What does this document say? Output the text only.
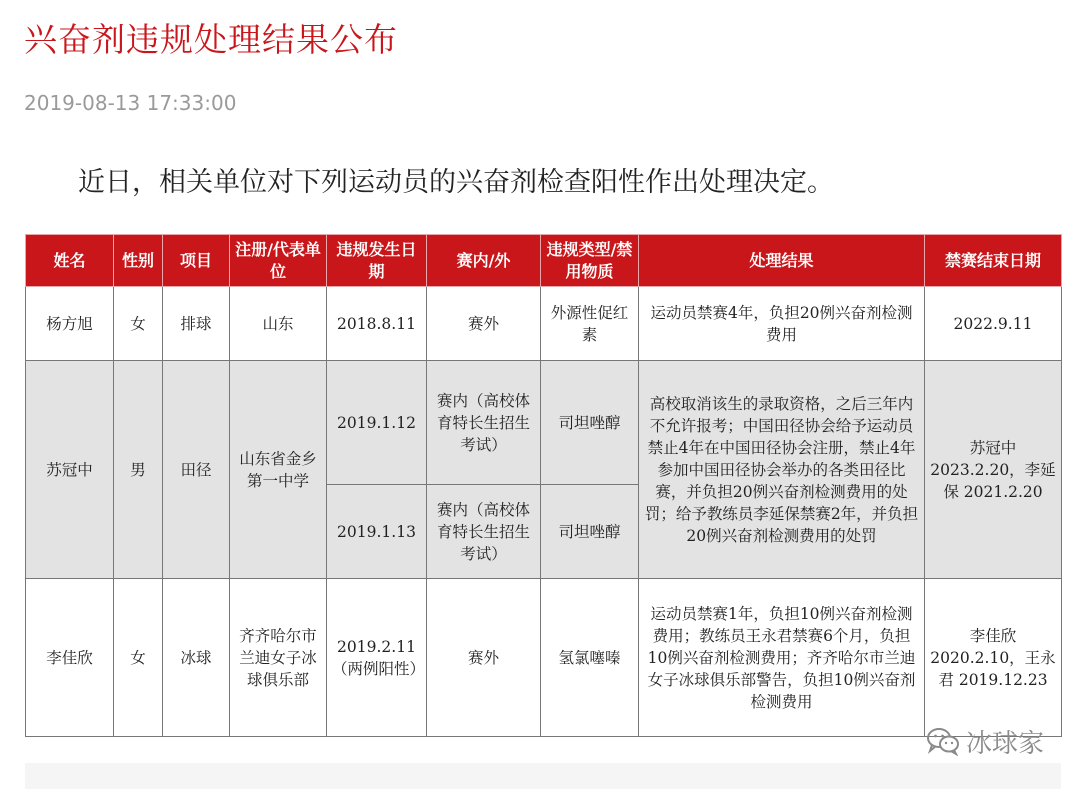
兴奋剂违规处理结果公布
2019-08-13 17:33:00
近日，相关单位对下列运动员的兴奋剂检查阳性作出处理决定。
姓名	性别	项目	注册/代表单位	违规发生日期	赛内/外	违规类型/禁用物质	处理结果	禁赛结束日期
杨方旭	女	排球	山东	2018.8.11	赛外	外源性促红素	运动员禁赛4年，负担20例兴奋剂检测费用	2022.9.11
苏冠中	男	田径	山东省金乡第一中学	2019.1.12	赛内（高校体育特长生招生考试）	司坦唑醇	高校取消该生的录取资格，之后三年内不允许报考；中国田径协会给予运动员禁止4年在中国田径协会注册，禁止4年参加中国田径协会举办的各类田径比赛，并负担20例兴奋剂检测费用的处罚；给予教练员李延保禁赛2年，并负担20例兴奋剂检测费用的处罚	苏冠中 2023.2.20，李延保 2021.2.20
				2019.1.13	赛内（高校体育特长生招生考试）	司坦唑醇		
李佳欣	女	冰球	齐齐哈尔市兰迪女子冰球俱乐部	2019.2.11（两例阳性）	赛外	氢氯噻嗪	运动员禁赛1年，负担10例兴奋剂检测费用；教练员王永君禁赛6个月，负担10例兴奋剂检测费用；齐齐哈尔市兰迪女子冰球俱乐部警告，负担10例兴奋剂检测费用	李佳欣 2020.2.10，王永君 2019.12.23
冰球家
